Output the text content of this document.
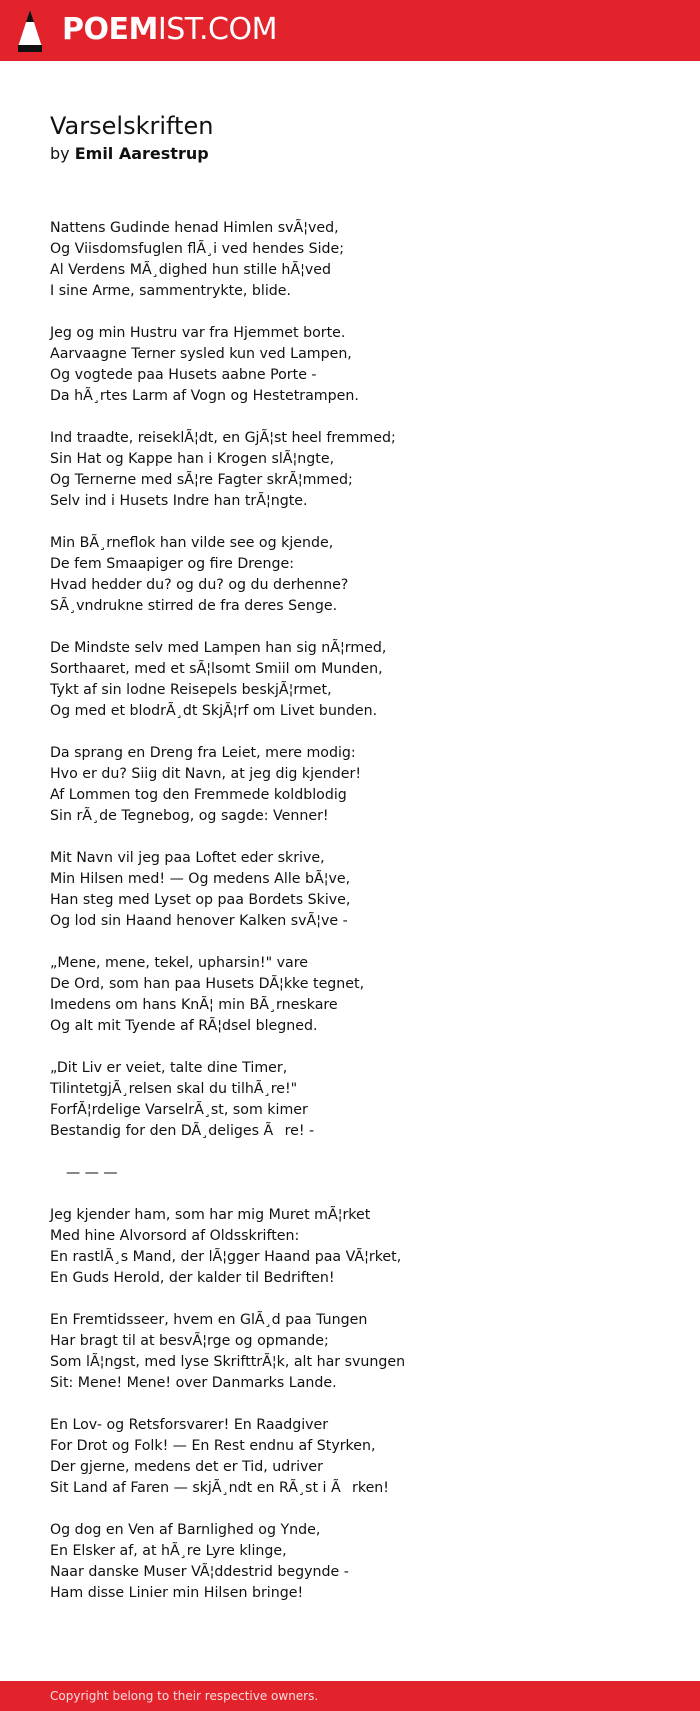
POEMIST.COM
Varselskriften
by Emil Aarestrup
Nattens Gudinde henad Himlen svÃ¦ved,
Og Viisdomsfuglen flÃ¸i ved hendes Side;
Al Verdens MÃ¸dighed hun stille hÃ¦ved
I sine Arme, sammentrykte, blide.
Jeg og min Hustru var fra Hjemmet borte.
Aarvaagne Terner sysled kun ved Lampen,
Og vogtede paa Husets aabne Porte -
Da hÃ¸rtes Larm af Vogn og Hestetrampen.
Ind traadte, reiseklÃ¦dt, en GjÃ¦st heel fremmed;
Sin Hat og Kappe han i Krogen slÃ¦ngte,
Og Ternerne med sÃ¦re Fagter skrÃ¦mmed;
Selv ind i Husets Indre han trÃ¦ngte.
Min BÃ¸rneflok han vilde see og kjende,
De fem Smaapiger og fire Drenge:
Hvad hedder du? og du? og du derhenne?
SÃ¸vndrukne stirred de fra deres Senge.
De Mindste selv med Lampen han sig nÃ¦rmed,
Sorthaaret, med et sÃ¦lsomt Smiil om Munden,
Tykt af sin lodne Reisepels beskjÃ¦rmet,
Og med et blodrÃ¸dt SkjÃ¦rf om Livet bunden.
Da sprang en Dreng fra Leiet, mere modig:
Hvo er du? Siig dit Navn, at jeg dig kjender!
Af Lommen tog den Fremmede koldblodig
Sin rÃ¸de Tegnebog, og sagde: Venner!
Mit Navn vil jeg paa Loftet eder skrive,
Min Hilsen med! — Og medens Alle bÃ¦ve,
Han steg med Lyset op paa Bordets Skive,
Og lod sin Haand henover Kalken svÃ¦ve -
„Mene, mene, tekel, upharsin!" vare
De Ord, som han paa Husets DÃ¦kke tegnet,
Imedens om hans KnÃ¦ min BÃ¸rneskare
Og alt mit Tyende af RÃ¦dsel blegned.
„Dit Liv er veiet, talte dine Timer,
TilintetgjÃ¸relsen skal du tilhÃ¸re!"
ForfÃ¦rdelige VarselrÃ¸st, som kimer
Bestandig for den DÃ¸deliges Ãre! -
— — —
Jeg kjender ham, som har mig Muret mÃ¦rket
Med hine Alvorsord af Oldsskriften:
En rastlÃ¸s Mand, der lÃ¦gger Haand paa VÃ¦rket,
En Guds Herold, der kalder til Bedriften!
En Fremtidsseer, hvem en GlÃ¸d paa Tungen
Har bragt til at besvÃ¦rge og opmande;
Som lÃ¦ngst, med lyse SkrifttrÃ¦k, alt har svungen
Sit: Mene! Mene! over Danmarks Lande.
En Lov- og Retsforsvarer! En Raadgiver
For Drot og Folk! — En Rest endnu af Styrken,
Der gjerne, medens det er Tid, udriver
Sit Land af Faren — skjÃ¸ndt en RÃ¸st i Ãrken!
Og dog en Ven af Barnlighed og Ynde,
En Elsker af, at hÃ¸re Lyre klinge,
Naar danske Muser VÃ¦ddestrid begynde -
Ham disse Linier min Hilsen bringe!
Copyright belong to their respective owners.
